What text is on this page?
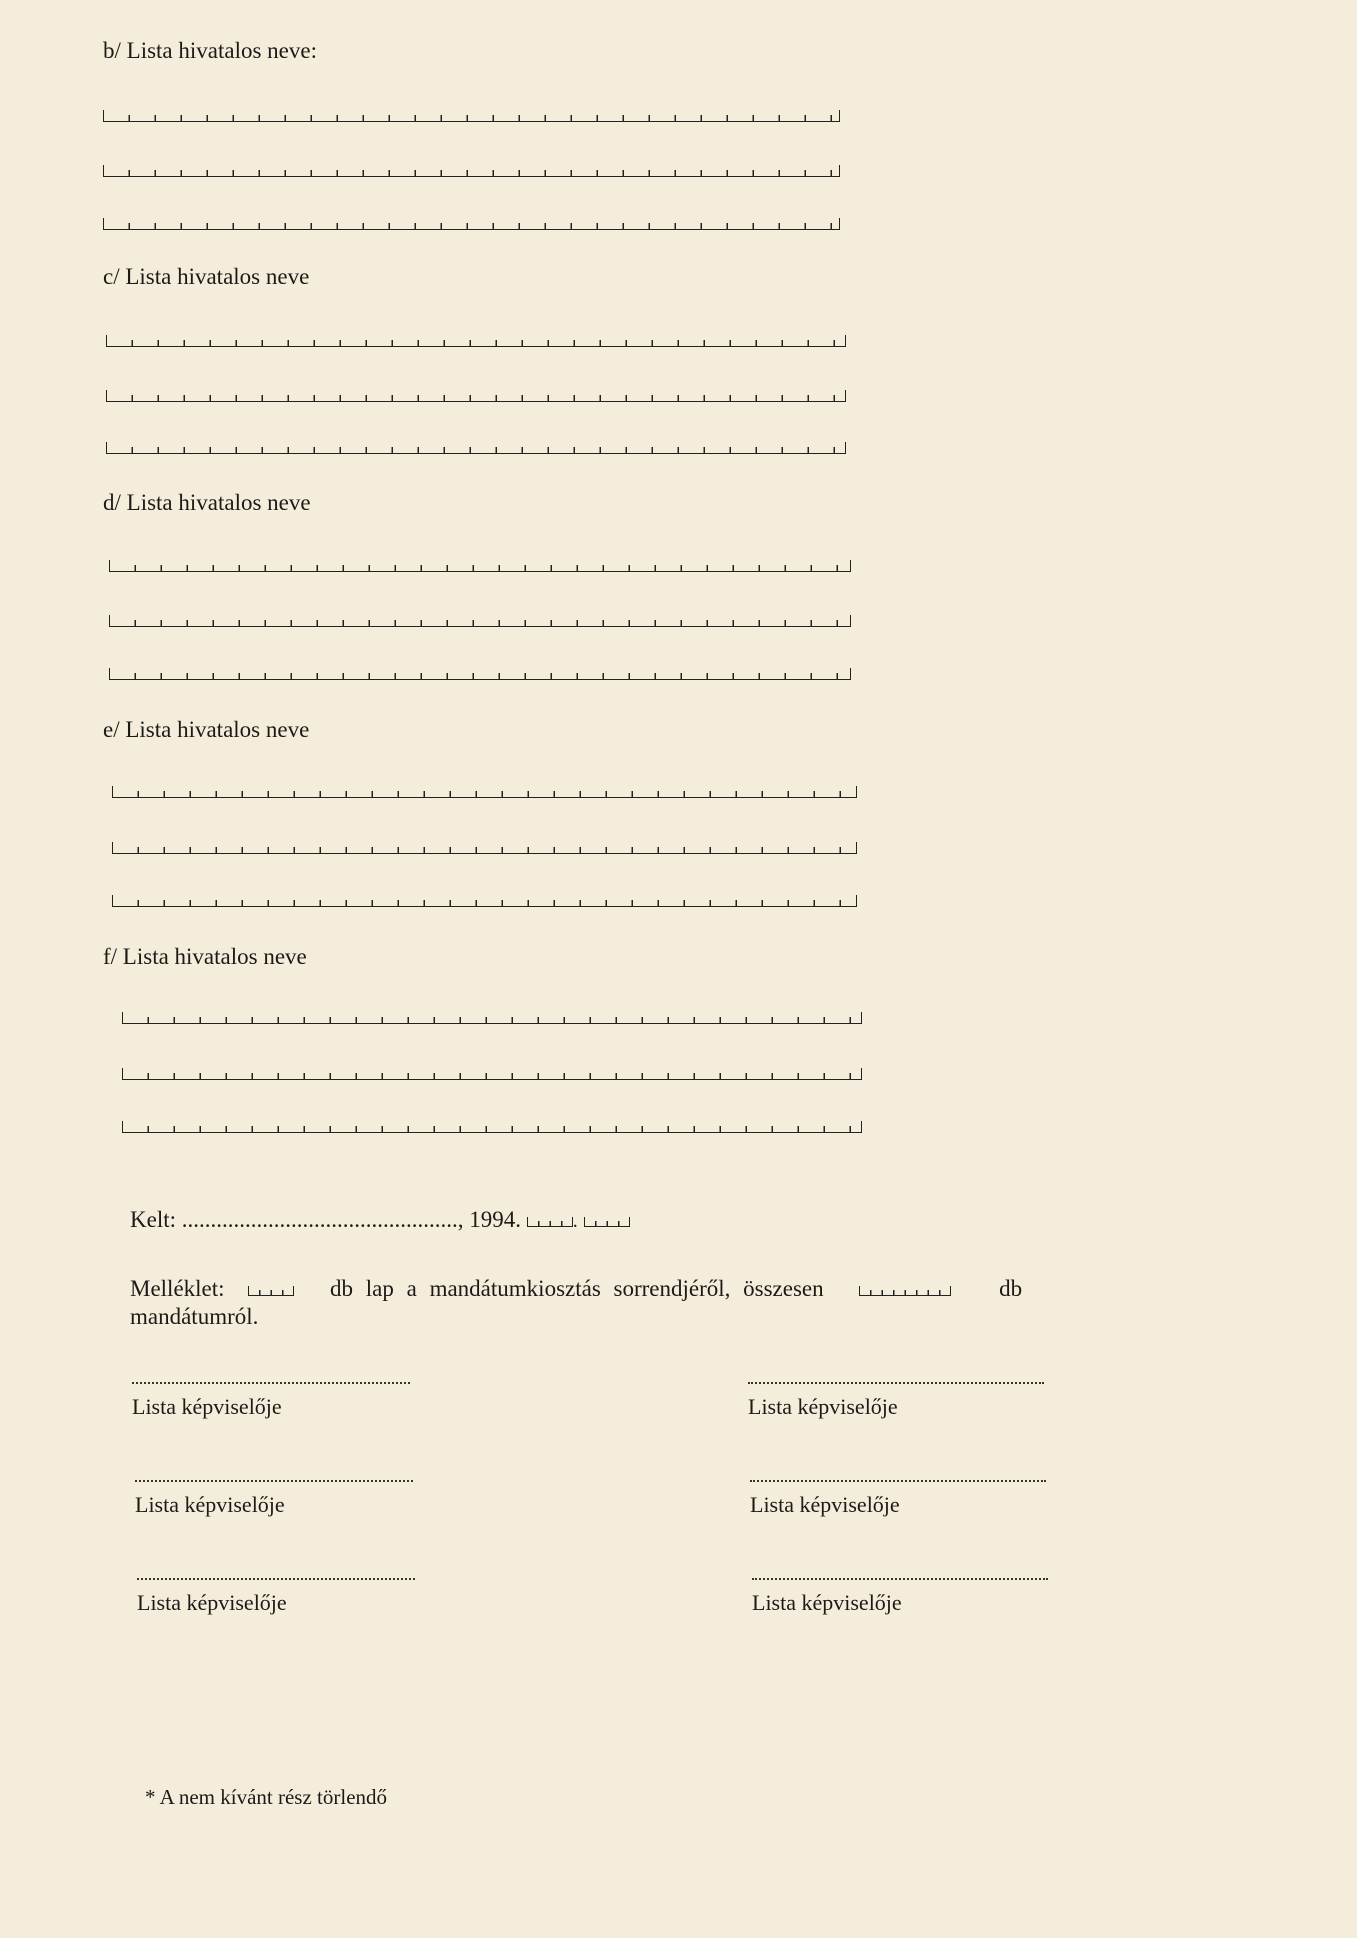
b/ Lista hivatalos neve:
c/ Lista hivatalos neve
d/ Lista hivatalos neve
e/ Lista hivatalos neve
f/ Lista hivatalos neve
Kelt: ................................................, 1994.	.
Melléklet:	db lap a mandátumkiosztás sorrendjéről, összesen	db
mandátumról.
Lista képviselője	Lista képviselője
Lista képviselője	Lista képviselője
Lista képviselője	Lista képviselője
* A nem kívánt rész törlendő
